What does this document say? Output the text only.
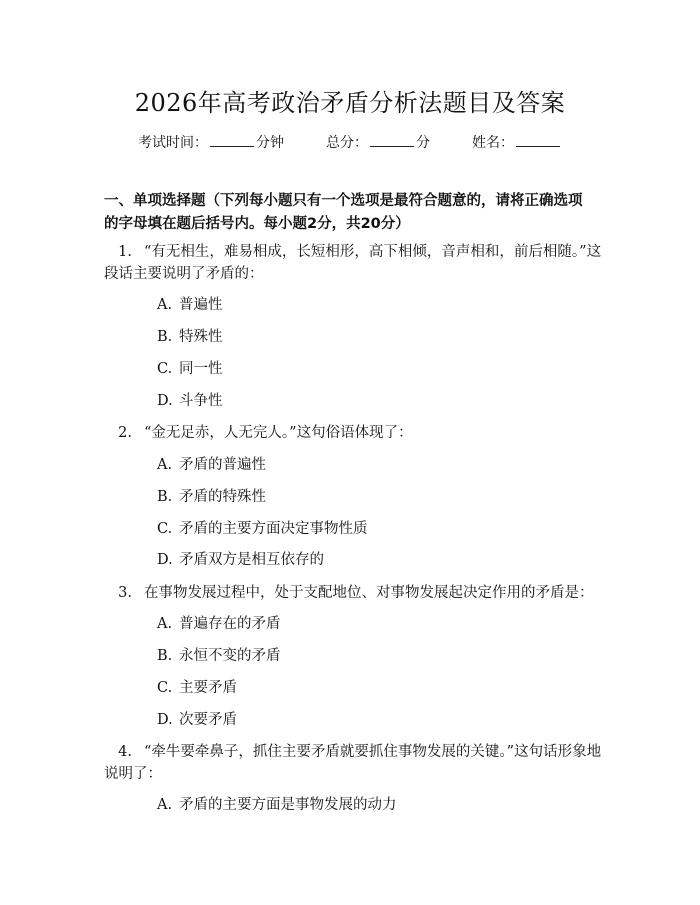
2026年高考政治矛盾分析法题目及答案
考试时间：	分钟	总分：	分	姓名：
一、单项选择题（下列每小题只有一个选项是最符合题意的，请将正确选项的字母填在题后括号内。每小题2分，共20分）
1. “有无相生，难易相成，长短相形，高下相倾，音声相和，前后相随。”这段话主要说明了矛盾的：
A. 普遍性
B. 特殊性
C. 同一性
D. 斗争性
2. “金无足赤，人无完人。”这句俗语体现了：
A. 矛盾的普遍性
B. 矛盾的特殊性
C. 矛盾的主要方面决定事物性质
D. 矛盾双方是相互依存的
3. 在事物发展过程中，处于支配地位、对事物发展起决定作用的矛盾是：
A. 普遍存在的矛盾
B. 永恒不变的矛盾
C. 主要矛盾
D. 次要矛盾
4. “牵牛要牵鼻子，抓住主要矛盾就要抓住事物发展的关键。”这句话形象地说明了：
A. 矛盾的主要方面是事物发展的动力
